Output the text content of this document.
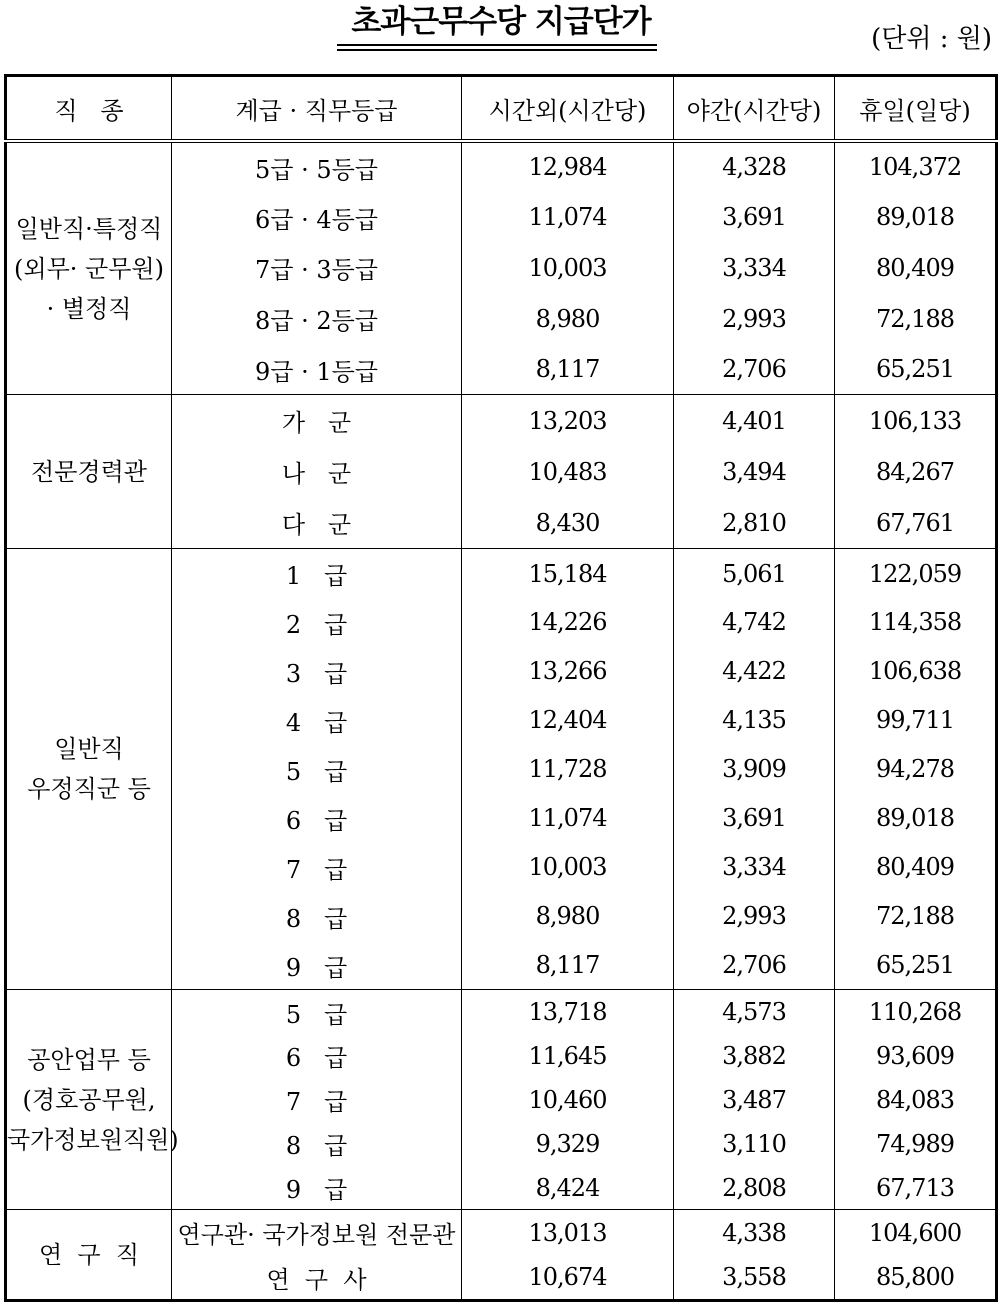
초과근무수당 지급단가	(단위 : 원)
직   종	계급 · 직무등급	시간외(시간당)	야간(시간당)	휴일(일당)

일반직·특정직
(외무· 군무원)
· 별정직	5급 · 5등급	12,984	4,328	104,372
	6급 · 4등급	11,074	3,691	89,018
	7급 · 3등급	10,003	3,334	80,409
	8급 · 2등급	8,980	2,993	72,188
	9급 · 1등급	8,117	2,706	65,251

전문경력관	가   군	13,203	4,401	106,133
	나   군	10,483	3,494	84,267
	다   군	8,430	2,810	67,761

일반직
우정직군 등	1   급	15,184	5,061	122,059
	2   급	14,226	4,742	114,358
	3   급	13,266	4,422	106,638
	4   급	12,404	4,135	99,711
	5   급	11,728	3,909	94,278
	6   급	11,074	3,691	89,018
	7   급	10,003	3,334	80,409
	8   급	8,980	2,993	72,188
	9   급	8,117	2,706	65,251

공안업무 등
(경호공무원,
국가정보원직원)	5   급	13,718	4,573	110,268
	6   급	11,645	3,882	93,609
	7   급	10,460	3,487	84,083
	8   급	9,329	3,110	74,989
	9   급	8,424	2,808	67,713

연  구  직	연구관· 국가정보원 전문관	13,013	4,338	104,600
	연  구  사	10,674	3,558	85,800
